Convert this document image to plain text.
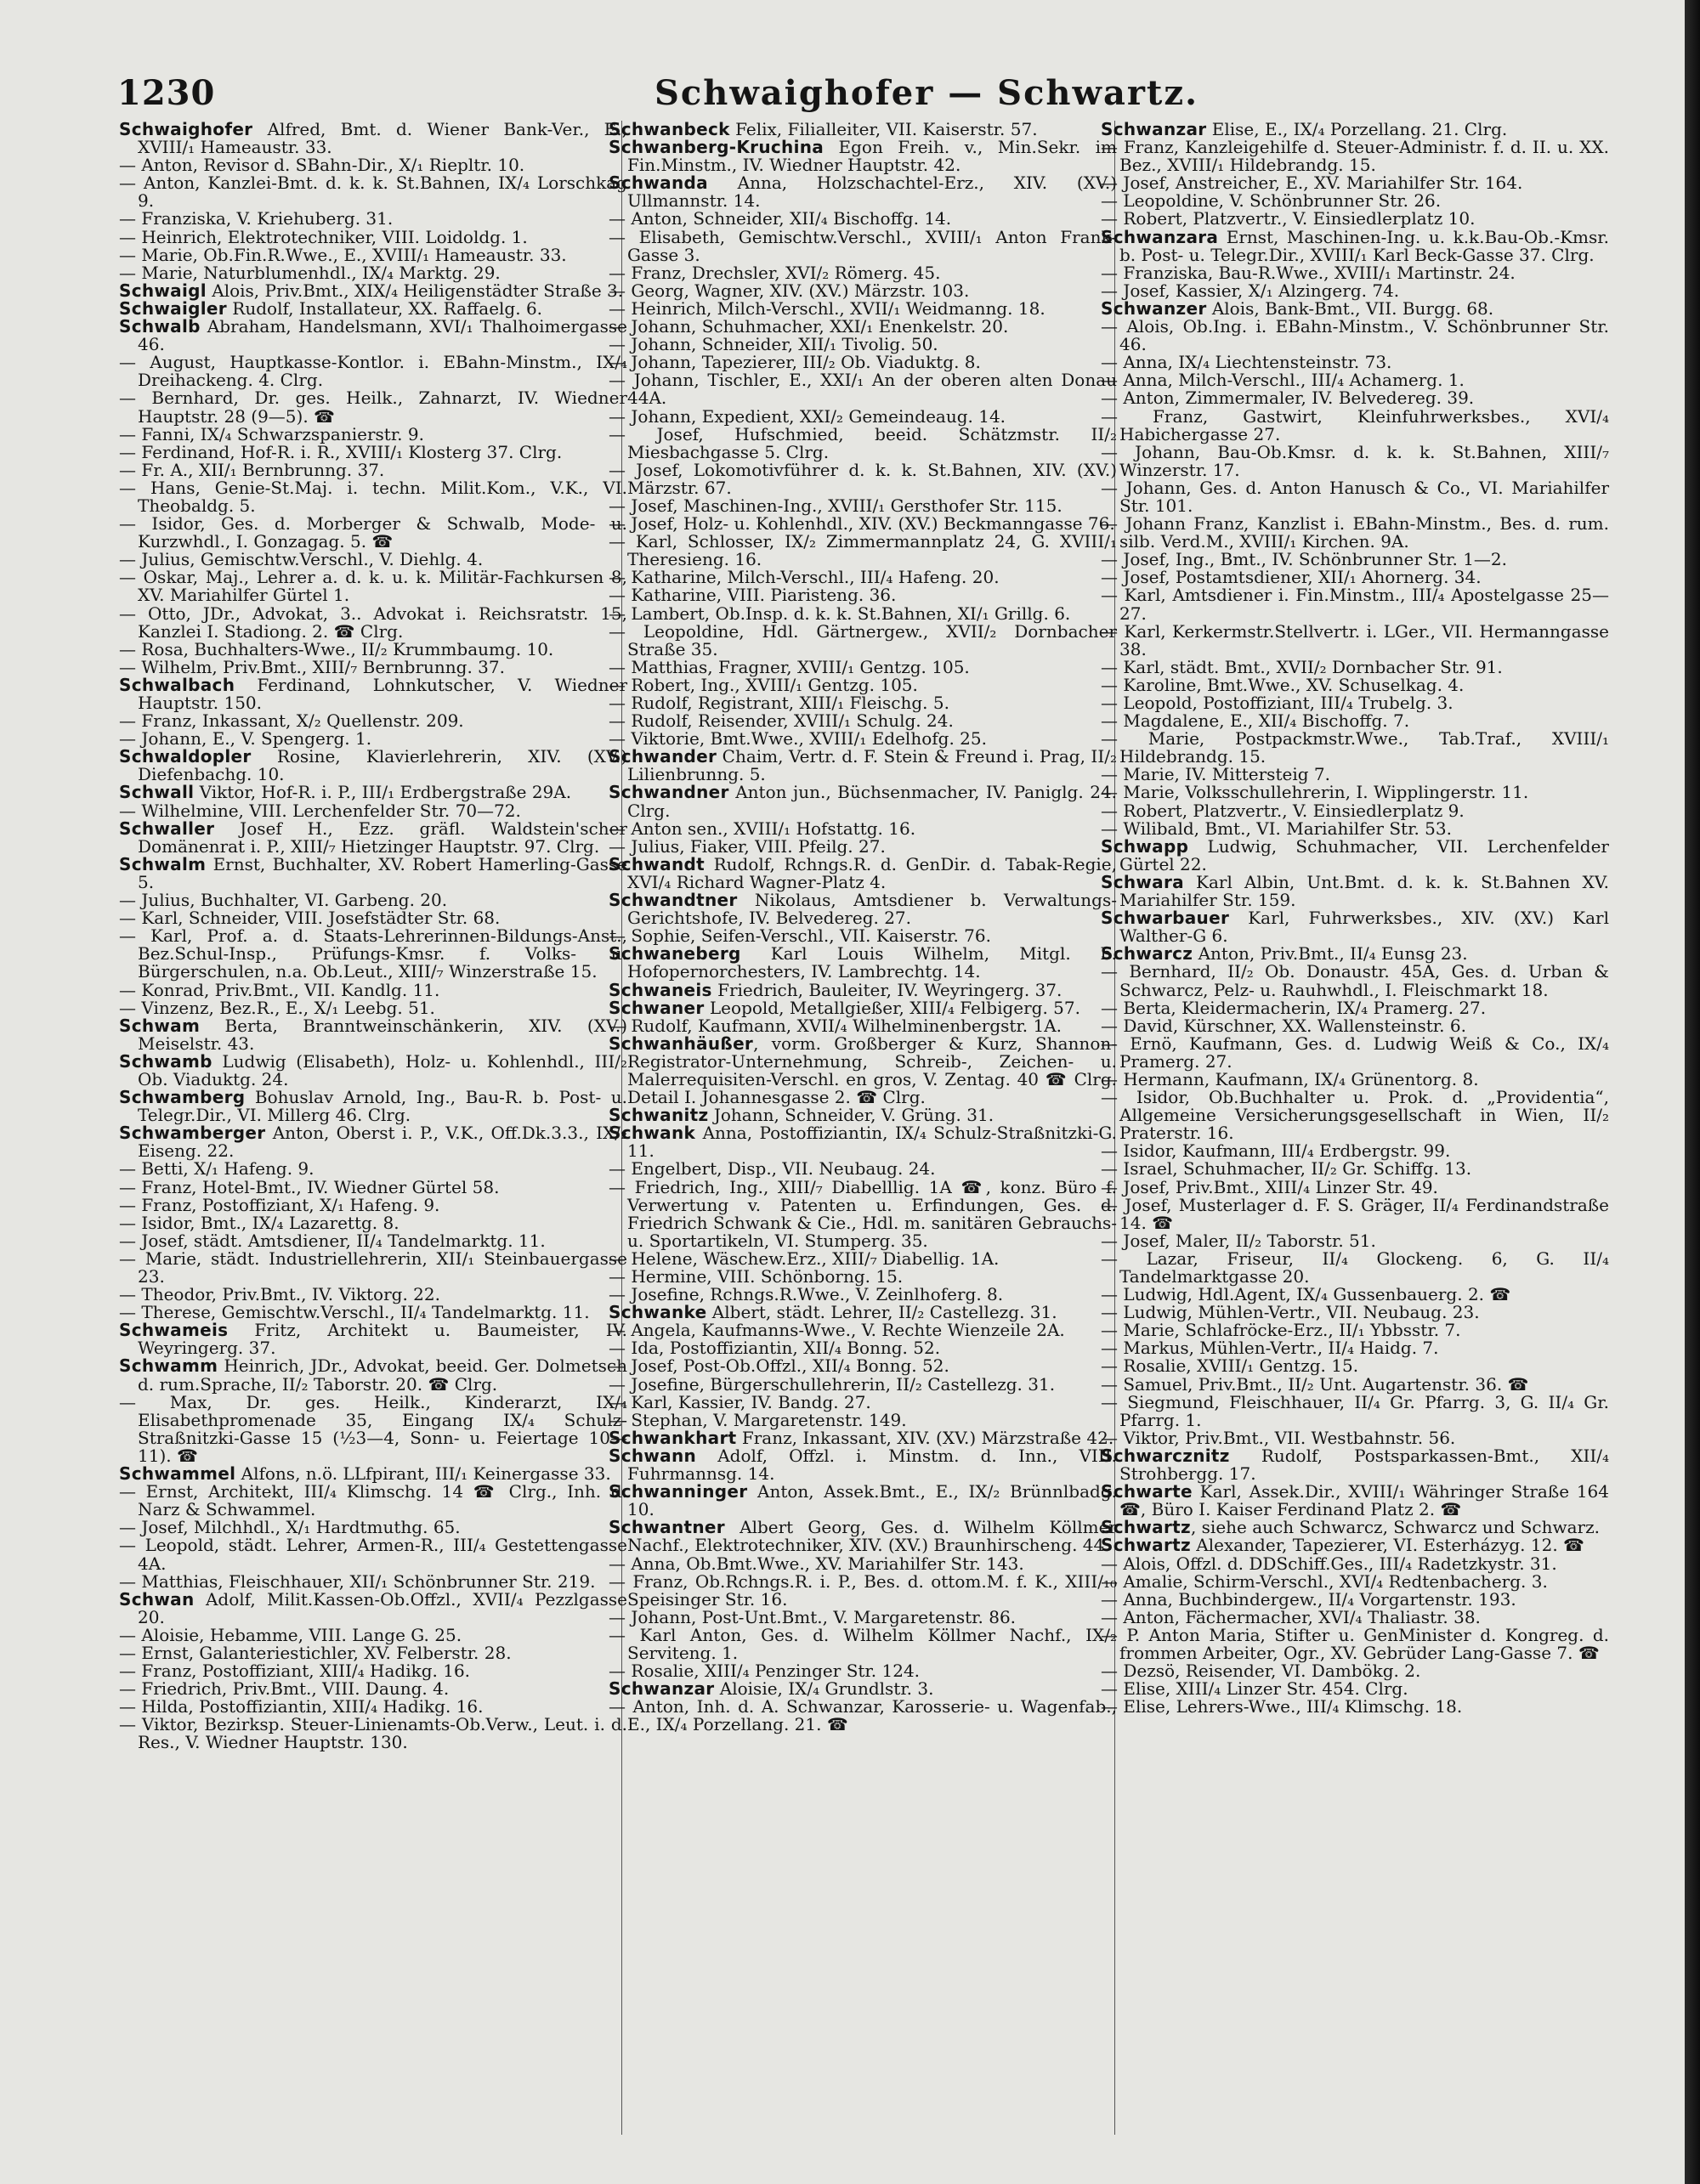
1230	Schwaighofer — Schwartz.

Schwaighofer Alfred, Bmt. d. Wiener Bank-Ver., E., XVIII/₁ Hameaustr. 33.

— Anton, Revisor d. SBahn-Dir., X/₁ Riepltr. 10.

— Anton, Kanzlei-Bmt. d. k. k. St.Bahnen, IX/₄ Lorschkag 9.

— Franziska, V. Kriehuberg. 31.

— Heinrich, Elektrotechniker, VIII. Loidoldg. 1.

— Marie, Ob.Fin.R.Wwe., E., XVIII/₁ Hameaustr. 33.

— Marie, Naturblumenhdl., IX/₄ Marktg. 29.

Schwaigl Alois, Priv.Bmt., XIX/₄ Heiligenstädter Straße 3.

Schwaigler Rudolf, Installateur, XX. Raffaelg. 6.

Schwalb Abraham, Handelsmann, XVI/₁ Thalhoimergasse 46.

— August, Hauptkasse-Kontlor. i. EBahn-Minstm., IX/₄ Dreihackeng. 4. Clrg.

— Bernhard, Dr. ges. Heilk., Zahnarzt, IV. Wiedner Hauptstr. 28 (9—5). ☎

— Fanni, IX/₄ Schwarzspanierstr. 9.

— Ferdinand, Hof-R. i. R., XVIII/₁ Klosterg 37. Clrg.

— Fr. A., XII/₁ Bernbrunng. 37.

— Hans, Genie-St.Maj. i. techn. Milit.Kom., V.K., VI. Theobaldg. 5.

— Isidor, Ges. d. Morberger & Schwalb, Mode- u. Kurzwhdl., I. Gonzagag. 5. ☎

— Julius, Gemischtw.Verschl., V. Diehlg. 4.

— Oskar, Maj., Lehrer a. d. k. u. k. Militär-Fachkursen 8, XV. Mariahilfer Gürtel 1.

— Otto, JDr., Advokat, 3.. Advokat i. Reichsratstr. 15, Kanzlei I. Stadiong. 2. ☎ Clrg.

— Rosa, Buchhalters-Wwe., II/₂ Krummbaumg. 10.

— Wilhelm, Priv.Bmt., XIII/₇ Bernbrunng. 37.

Schwalbach Ferdinand, Lohnkutscher, V. Wiedner Hauptstr. 150.

— Franz, Inkassant, X/₂ Quellenstr. 209.

— Johann, E., V. Spengerg. 1.

Schwaldopler Rosine, Klavierlehrerin, XIV. (XV.) Diefenbachg. 10.

Schwall Viktor, Hof-R. i. P., III/₁ Erdbergstraße 29A.

— Wilhelmine, VIII. Lerchenfelder Str. 70—72.

Schwaller Josef H., Ezz. gräfl. Waldstein'scher Domänenrat i. P., XIII/₇ Hietzinger Hauptstr. 97. Clrg.

Schwalm Ernst, Buchhalter, XV. Robert Hamerling-Gasse 5.

— Julius, Buchhalter, VI. Garbeng. 20.

— Karl, Schneider, VIII. Josefstädter Str. 68.

— Karl, Prof. a. d. Staats-Lehrerinnen-Bildungs-Anst., Bez.Schul-Insp., Prüfungs-Kmsr. f. Volks- u. Bürgerschulen, n.a. Ob.Leut., XIII/₇ Winzerstraße 15.

— Konrad, Priv.Bmt., VII. Kandlg. 11.

— Vinzenz, Bez.R., E., X/₁ Leebg. 51.

Schwam Berta, Branntweinschänkerin, XIV. (XV.) Meiselstr. 43.

Schwamb Ludwig (Elisabeth), Holz- u. Kohlenhdl., III/₂ Ob. Viaduktg. 24.

Schwamberg Bohuslav Arnold, Ing., Bau-R. b. Post- u. Telegr.Dir., VI. Millerg 46. Clrg.

Schwamberger Anton, Oberst i. P., V.K., Off.Dk.3.3., IX/₂ Eiseng. 22.

— Betti, X/₁ Hafeng. 9.

— Franz, Hotel-Bmt., IV. Wiedner Gürtel 58.

— Franz, Postoffiziant, X/₁ Hafeng. 9.

— Isidor, Bmt., IX/₄ Lazarettg. 8.

— Josef, städt. Amtsdiener, II/₄ Tandelmarktg. 11.

— Marie, städt. Industriellehrerin, XII/₁ Steinbauergasse 23.

— Theodor, Priv.Bmt., IV. Viktorg. 22.

— Therese, Gemischtw.Verschl., II/₄ Tandelmarktg. 11.

Schwameis Fritz, Architekt u. Baumeister, IV. Weyringerg. 37.

Schwamm Heinrich, JDr., Advokat, beeid. Ger. Dolmetsch d. rum.Sprache, II/₂ Taborstr. 20. ☎ Clrg.

— Max, Dr. ges. Heilk., Kinderarzt, IX/₄ Elisabethpromenade 35, Eingang IX/₄ Schulz-Straßnitzki-Gasse 15 (½3—4, Sonn- u. Feiertage 10—11). ☎

Schwammel Alfons, n.ö. LLfpirant, III/₁ Keinergasse 33.

— Ernst, Architekt, III/₄ Klimschg. 14 ☎ Clrg., Inh. d. Narz & Schwammel.

— Josef, Milchhdl., X/₁ Hardtmuthg. 65.

— Leopold, städt. Lehrer, Armen-R., III/₄ Gestettengasse 4A.

— Matthias, Fleischhauer, XII/₁ Schönbrunner Str. 219.

Schwan Adolf, Milit.Kassen-Ob.Offzl., XVII/₄ Pezzlgasse 20.

— Aloisie, Hebamme, VIII. Lange G. 25.

— Ernst, Galanteriestichler, XV. Felberstr. 28.

— Franz, Postoffiziant, XIII/₄ Hadikg. 16.

— Friedrich, Priv.Bmt., VIII. Daung. 4.

— Hilda, Postoffiziantin, XIII/₄ Hadikg. 16.

— Viktor, Bezirksp. Steuer-Linienamts-Ob.Verw., Leut. i. d. Res., V. Wiedner Hauptstr. 130.

Schwanbeck Felix, Filialleiter, VII. Kaiserstr. 57.

Schwanberg-Kruchina Egon Freih. v., Min.Sekr. im Fin.Minstm., IV. Wiedner Hauptstr. 42.

Schwanda Anna, Holzschachtel-Erz., XIV. (XV.) Ullmannstr. 14.

— Anton, Schneider, XII/₄ Bischoffg. 14.

— Elisabeth, Gemischtw.Verschl., XVIII/₁ Anton Frank-Gasse 3.

— Franz, Drechsler, XVI/₂ Römerg. 45.

— Georg, Wagner, XIV. (XV.) Märzstr. 103.

— Heinrich, Milch-Verschl., XVII/₁ Weidmanng. 18.

— Johann, Schuhmacher, XXI/₁ Enenkelstr. 20.

— Johann, Schneider, XII/₁ Tivolig. 50.

— Johann, Tapezierer, III/₂ Ob. Viaduktg. 8.

— Johann, Tischler, E., XXI/₁ An der oberen alten Donau 44A.

— Johann, Expedient, XXI/₂ Gemeindeaug. 14.

— Josef, Hufschmied, beeid. Schätzmstr. II/₂ Miesbachgasse 5. Clrg.

— Josef, Lokomotivführer d. k. k. St.Bahnen, XIV. (XV.) Märzstr. 67.

— Josef, Maschinen-Ing., XVIII/₁ Gersthofer Str. 115.

— Josef, Holz- u. Kohlenhdl., XIV. (XV.) Beckmanngasse 76.

— Karl, Schlosser, IX/₂ Zimmermannplatz 24, G. XVIII/₁ Theresieng. 16.

— Katharine, Milch-Verschl., III/₄ Hafeng. 20.

— Katharine, VIII. Piaristeng. 36.

— Lambert, Ob.Insp. d. k. k. St.Bahnen, XI/₁ Grillg. 6.

— Leopoldine, Hdl. Gärtnergew., XVII/₂ Dornbacher Straße 35.

— Matthias, Fragner, XVIII/₁ Gentzg. 105.

— Robert, Ing., XVIII/₁ Gentzg. 105.

— Rudolf, Registrant, XIII/₁ Fleischg. 5.

— Rudolf, Reisender, XVIII/₁ Schulg. 24.

— Viktorie, Bmt.Wwe., XVIII/₁ Edelhofg. 25.

Schwander Chaim, Vertr. d. F. Stein & Freund i. Prag, II/₂ Lilienbrunng. 5.

Schwandner Anton jun., Büchsenmacher, IV. Paniglg. 24. Clrg.

— Anton sen., XVIII/₁ Hofstattg. 16.

— Julius, Fiaker, VIII. Pfeilg. 27.

Schwandt Rudolf, Rchngs.R. d. GenDir. d. Tabak-Regie, XVI/₄ Richard Wagner-Platz 4.

Schwandtner Nikolaus, Amtsdiener b. Verwaltungs-Gerichtshofe, IV. Belvedereg. 27.

— Sophie, Seifen-Verschl., VII. Kaiserstr. 76.

Schwaneberg Karl Louis Wilhelm, Mitgl. b. Hofopernorchesters, IV. Lambrechtg. 14.

Schwaneis Friedrich, Bauleiter, IV. Weyringerg. 37.

Schwaner Leopold, Metallgießer, XIII/₄ Felbigerg. 57.

— Rudolf, Kaufmann, XVII/₄ Wilhelminenbergstr. 1A.

Schwanhäußer, vorm. Großberger & Kurz, Shannon-Registrator-Unternehmung, Schreib-, Zeichen- u. Malerrequisiten-Verschl. en gros, V. Zentag. 40 ☎ Clrg. Detail I. Johannesgasse 2. ☎ Clrg.

Schwanitz Johann, Schneider, V. Grüng. 31.

Schwank Anna, Postoffiziantin, IX/₄ Schulz-Straßnitzki-G. 11.

— Engelbert, Disp., VII. Neubaug. 24.

— Friedrich, Ing., XIII/₇ Diabelllig. 1A ☎, konz. Büro f. Verwertung v. Patenten u. Erfindungen, Ges. d. Friedrich Schwank & Cie., Hdl. m. sanitären Gebrauchs- u. Sportartikeln, VI. Stumperg. 35.

— Helene, Wäschew.Erz., XIII/₇ Diabellig. 1A.

— Hermine, VIII. Schönborng. 15.

— Josefine, Rchngs.R.Wwe., V. Zeinlhoferg. 8.

Schwanke Albert, städt. Lehrer, II/₂ Castellezg. 31.

— Angela, Kaufmanns-Wwe., V. Rechte Wienzeile 2A.

— Ida, Postoffiziantin, XII/₄ Bonng. 52.

— Josef, Post-Ob.Offzl., XII/₄ Bonng. 52.

— Josefine, Bürgerschullehrerin, II/₂ Castellezg. 31.

— Karl, Kassier, IV. Bandg. 27.

— Stephan, V. Margaretenstr. 149.

Schwankhart Franz, Inkassant, XIV. (XV.) Märzstraße 42.

Schwann Adolf, Offzl. i. Minstm. d. Inn., VIII. Fuhrmannsg. 14.

Schwanninger Anton, Assek.Bmt., E., IX/₂ Brünnlbadg. 10.

Schwantner Albert Georg, Ges. d. Wilhelm Köllmer Nachf., Elektrotechniker, XIV. (XV.) Braunhirscheng. 44.

— Anna, Ob.Bmt.Wwe., XV. Mariahilfer Str. 143.

— Franz, Ob.Rchngs.R. i. P., Bes. d. ottom.M. f. K., XIII/₁₀ Speisinger Str. 16.

— Johann, Post-Unt.Bmt., V. Margaretenstr. 86.

— Karl Anton, Ges. d. Wilhelm Köllmer Nachf., IX/₂ Serviteng. 1.

— Rosalie, XIII/₄ Penzinger Str. 124.

Schwanzar Aloisie, IX/₄ Grundlstr. 3.

— Anton, Inh. d. A. Schwanzar, Karosserie- u. Wagenfab., E., IX/₄ Porzellang. 21. ☎

Schwanzar Elise, E., IX/₄ Porzellang. 21. Clrg.

— Franz, Kanzleigehilfe d. Steuer-Administr. f. d. II. u. XX. Bez., XVIII/₁ Hildebrandg. 15.

— Josef, Anstreicher, E., XV. Mariahilfer Str. 164.

— Leopoldine, V. Schönbrunner Str. 26.

— Robert, Platzvertr., V. Einsiedlerplatz 10.

Schwanzara Ernst, Maschinen-Ing. u. k.k.Bau-Ob.-Kmsr. b. Post- u. Telegr.Dir., XVIII/₁ Karl Beck-Gasse 37. Clrg.

— Franziska, Bau-R.Wwe., XVIII/₁ Martinstr. 24.

— Josef, Kassier, X/₁ Alzingerg. 74.

Schwanzer Alois, Bank-Bmt., VII. Burgg. 68.

— Alois, Ob.Ing. i. EBahn-Minstm., V. Schönbrunner Str. 46.

— Anna, IX/₄ Liechtensteinstr. 73.

— Anna, Milch-Verschl., III/₄ Achamerg. 1.

— Anton, Zimmermaler, IV. Belvedereg. 39.

— Franz, Gastwirt, Kleinfuhrwerksbes., XVI/₄ Habichergasse 27.

— Johann, Bau-Ob.Kmsr. d. k. k. St.Bahnen, XIII/₇ Winzerstr. 17.

— Johann, Ges. d. Anton Hanusch & Co., VI. Mariahilfer Str. 101.

— Johann Franz, Kanzlist i. EBahn-Minstm., Bes. d. rum. silb. Verd.M., XVIII/₁ Kirchen. 9A.

— Josef, Ing., Bmt., IV. Schönbrunner Str. 1—2.

— Josef, Postamtsdiener, XII/₁ Ahornerg. 34.

— Karl, Amtsdiener i. Fin.Minstm., III/₄ Apostelgasse 25—27.

— Karl, Kerkermstr.Stellvertr. i. LGer., VII. Hermanngasse 38.

— Karl, städt. Bmt., XVII/₂ Dornbacher Str. 91.

— Karoline, Bmt.Wwe., XV. Schuselkag. 4.

— Leopold, Postoffiziant, III/₄ Trubelg. 3.

— Magdalene, E., XII/₄ Bischoffg. 7.

— Marie, Postpackmstr.Wwe., Tab.Traf., XVIII/₁ Hildebrandg. 15.

— Marie, IV. Mittersteig 7.

— Marie, Volksschullehrerin, I. Wipplingerstr. 11.

— Robert, Platzvertr., V. Einsiedlerplatz 9.

— Wilibald, Bmt., VI. Mariahilfer Str. 53.

Schwapp Ludwig, Schuhmacher, VII. Lerchenfelder Gürtel 22.

Schwara Karl Albin, Unt.Bmt. d. k. k. St.Bahnen XV. Mariahilfer Str. 159.

Schwarbauer Karl, Fuhrwerksbes., XIV. (XV.) Karl Walther-G 6.

Schwarcz Anton, Priv.Bmt., II/₄ Eunsg 23.

— Bernhard, II/₂ Ob. Donaustr. 45A, Ges. d. Urban & Schwarcz, Pelz- u. Rauhwhdl., I. Fleischmarkt 18.

— Berta, Kleidermacherin, IX/₄ Pramerg. 27.

— David, Kürschner, XX. Wallensteinstr. 6.

— Ernö, Kaufmann, Ges. d. Ludwig Weiß & Co., IX/₄ Pramerg. 27.

— Hermann, Kaufmann, IX/₄ Grünentorg. 8.

— Isidor, Ob.Buchhalter u. Prok. d. „Providentia“, Allgemeine Versicherungsgesellschaft in Wien, II/₂ Praterstr. 16.

— Isidor, Kaufmann, III/₄ Erdbergstr. 99.

— Israel, Schuhmacher, II/₂ Gr. Schiffg. 13.

— Josef, Priv.Bmt., XIII/₄ Linzer Str. 49.

— Josef, Musterlager d. F. S. Gräger, II/₄ Ferdinandstraße 14. ☎

— Josef, Maler, II/₂ Taborstr. 51.

— Lazar, Friseur, II/₄ Glockeng. 6, G. II/₄ Tandelmarktgasse 20.

— Ludwig, Hdl.Agent, IX/₄ Gussenbauerg. 2. ☎

— Ludwig, Mühlen-Vertr., VII. Neubaug. 23.

— Marie, Schlafröcke-Erz., II/₁ Ybbsstr. 7.

— Markus, Mühlen-Vertr., II/₄ Haidg. 7.

— Rosalie, XVIII/₁ Gentzg. 15.

— Samuel, Priv.Bmt., II/₂ Unt. Augartenstr. 36. ☎

— Siegmund, Fleischhauer, II/₄ Gr. Pfarrg. 3, G. II/₄ Gr. Pfarrg. 1.

— Viktor, Priv.Bmt., VII. Westbahnstr. 56.

Schwarcznitz Rudolf, Postsparkassen-Bmt., XII/₄ Strohbergg. 17.

Schwarte Karl, Assek.Dir., XVIII/₁ Währinger Straße 164 ☎, Büro I. Kaiser Ferdinand Platz 2. ☎

Schwartz, siehe auch Schwarcz, Schwarcz und Schwarz.

Schwartz Alexander, Tapezierer, VI. Esterházyg. 12. ☎

— Alois, Offzl. d. DDSchiff.Ges., III/₄ Radetzkystr. 31.

— Amalie, Schirm-Verschl., XVI/₄ Redtenbacherg. 3.

— Anna, Buchbindergew., II/₄ Vorgartenstr. 193.

— Anton, Fächermacher, XVI/₄ Thaliastr. 38.

— P. Anton Maria, Stifter u. GenMinister d. Kongreg. d. frommen Arbeiter, Ogr., XV. Gebrüder Lang-Gasse 7. ☎

— Dezsö, Reisender, VI. Dambökg. 2.

— Elise, XIII/₄ Linzer Str. 454. Clrg.

— Elise, Lehrers-Wwe., III/₄ Klimschg. 18.
